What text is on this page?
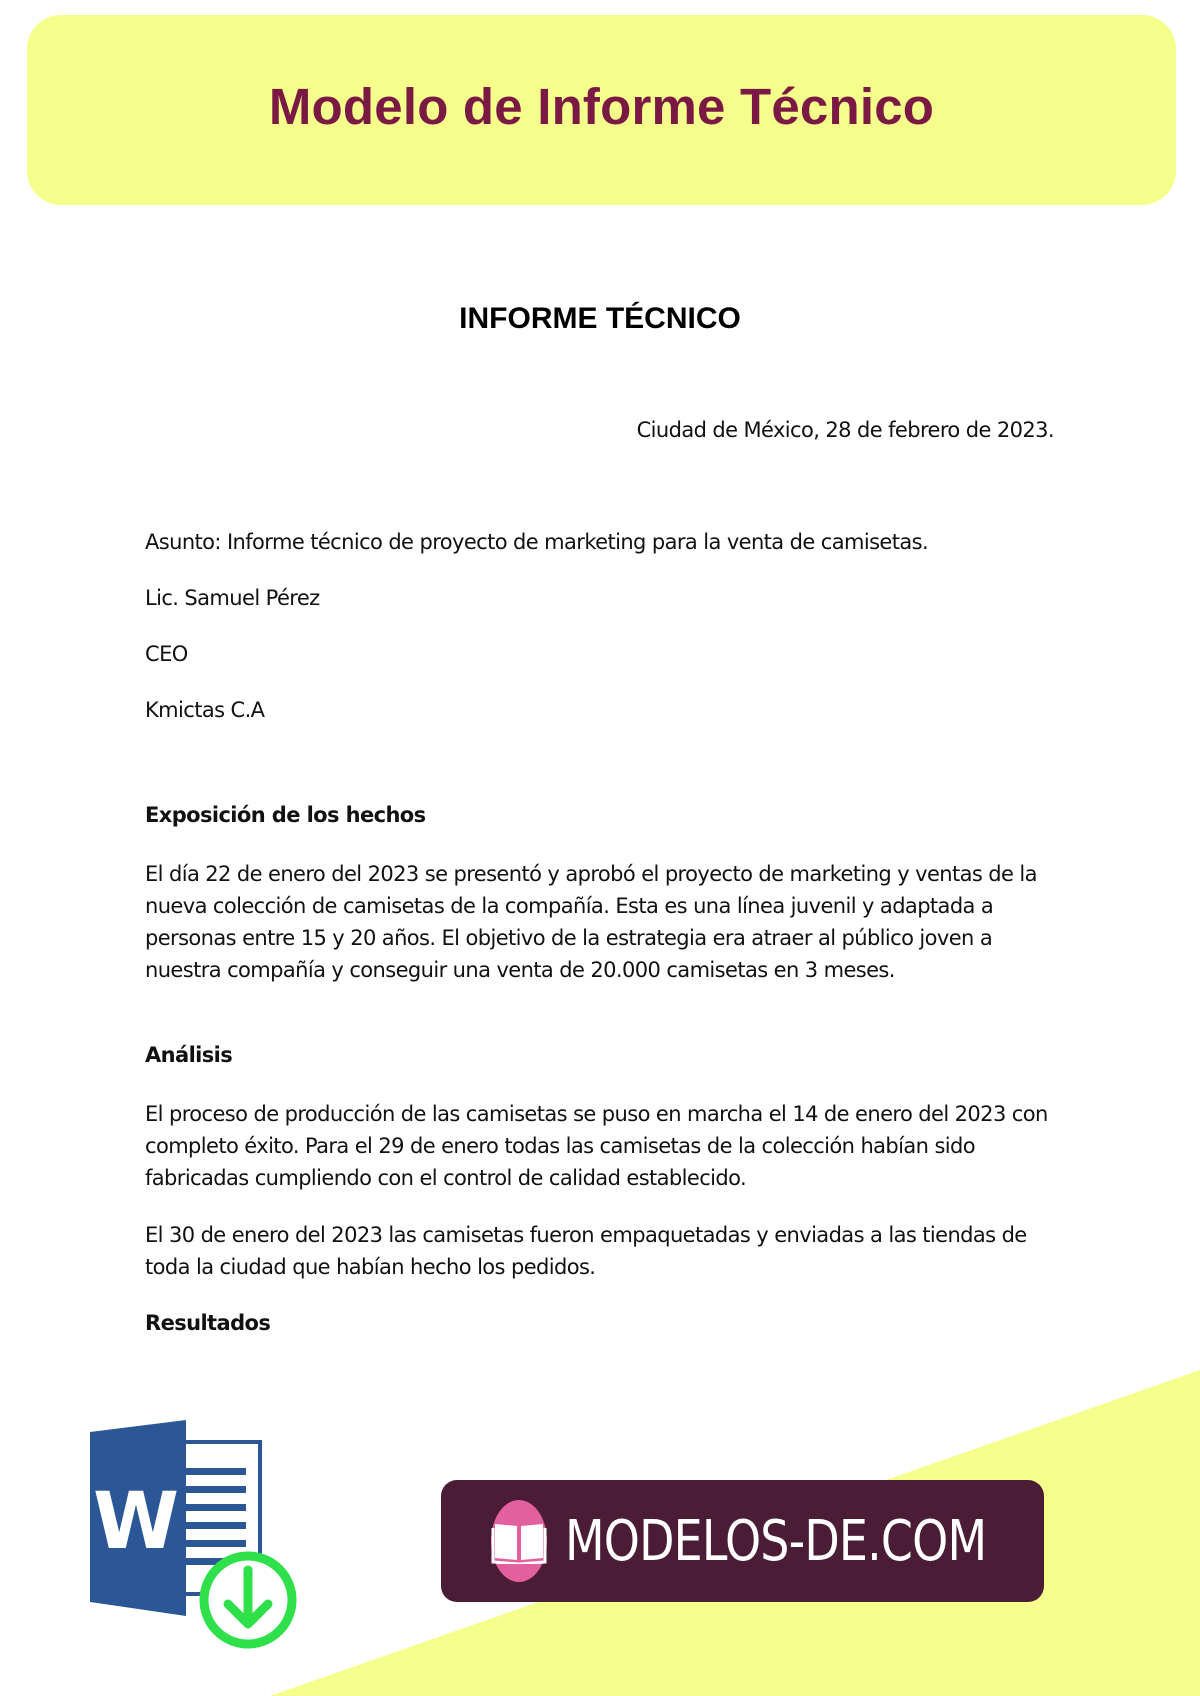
Modelo de Informe Técnico
INFORME TÉCNICO
Ciudad de México, 28 de febrero de 2023.
Asunto: Informe técnico de proyecto de marketing para la venta de camisetas.
Lic. Samuel Pérez
CEO
Kmictas C.A
Exposición de los hechos

El día 22 de enero del 2023 se presentó y aprobó el proyecto de marketing y ventas de la nueva colección de camisetas de la compañía. Esta es una línea juvenil y adaptada a personas entre 15 y 20 años. El objetivo de la estrategia era atraer al público joven a nuestra compañía y conseguir una venta de 20.000 camisetas en 3 meses.

Análisis

El proceso de producción de las camisetas se puso en marcha el 14 de enero del 2023 con completo éxito. Para el 29 de enero todas las camisetas de la colección habían sido fabricadas cumpliendo con el control de calidad establecido.

El 30 de enero del 2023 las camisetas fueron empaquetadas y enviadas a las tiendas de toda la ciudad que habían hecho los pedidos.

Resultados
W	MODELOS-DE.COM
